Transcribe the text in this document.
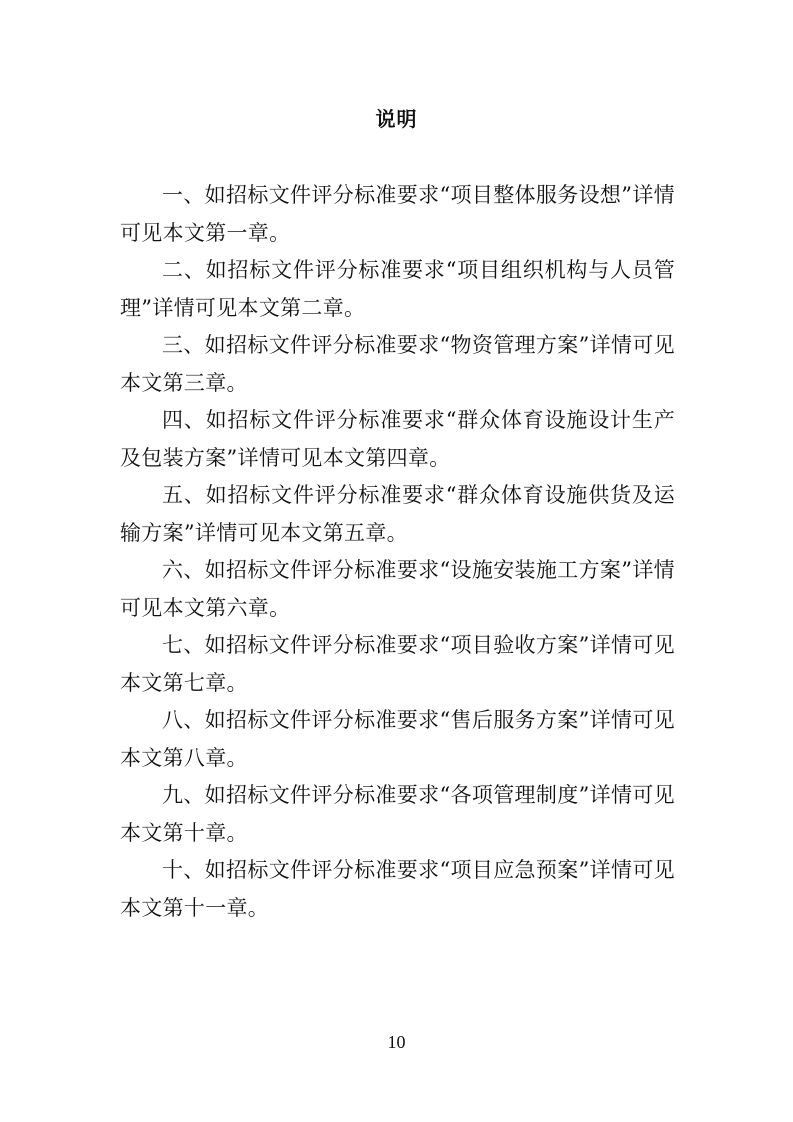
说明

一、如招标文件评分标准要求“项目整体服务设想”详情可见本文第一章。

二、如招标文件评分标准要求“项目组织机构与人员管理”详情可见本文第二章。

三、如招标文件评分标准要求“物资管理方案”详情可见本文第三章。

四、如招标文件评分标准要求“群众体育设施设计生产及包装方案”详情可见本文第四章。

五、如招标文件评分标准要求“群众体育设施供货及运输方案”详情可见本文第五章。

六、如招标文件评分标准要求“设施安装施工方案”详情可见本文第六章。

七、如招标文件评分标准要求“项目验收方案”详情可见本文第七章。

八、如招标文件评分标准要求“售后服务方案”详情可见本文第八章。

九、如招标文件评分标准要求“各项管理制度”详情可见本文第十章。

十、如招标文件评分标准要求“项目应急预案”详情可见本文第十一章。

10
